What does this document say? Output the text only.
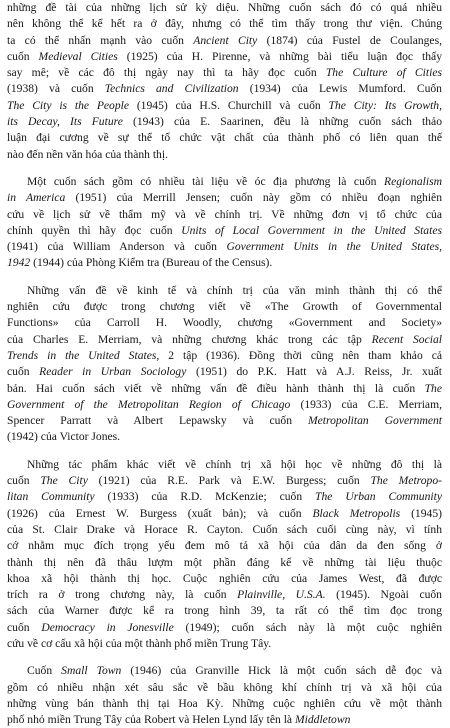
những đề tài của những lịch sử kỳ diệu. Những cuốn sách đó có quá nhiều
nên không thể kể hết ra ở đây, nhưng có thể tìm thấy trong thư viện. Chúng
ta có thể nhấn mạnh vào cuốn Ancient City (1874) của Fustel de Coulanges,
cuốn Medieval Cities (1925) của H. Pirenne, và những bài tiểu luận đọc thấy
say mê; về các đô thị ngày nay thì ta hãy đọc cuốn The Culture of Cities
(1938) và cuốn Technics and Civilization (1934) của Lewis Mumford. Cuốn
The City is the People (1945) của H.S. Churchill và cuốn The City: Its Growth,
its Decay, Its Future (1943) của E. Saarinen, đều là những cuốn sách thảo
luận đại cương về sự thể tổ chức vật chất của thành phố có liên quan thế
nào đến nền văn hóa của thành thị.
Một cuốn sách gồm có nhiều tài liệu về óc địa phương là cuốn Regionalism
in America (1951) của Merrill Jensen; cuốn này gồm có nhiều đoạn nghiên
cứu về lịch sử về thẩm mỹ và về chính trị. Về những đơn vị tổ chức của
chính quyền thì hãy đọc cuốn Units of Local Government in the United States
(1941) của William Anderson và cuốn Government Units in the United States,
1942 (1944) của Phòng Kiểm tra (Bureau of the Census).
Những vấn đề về kinh tế và chính trị của văn minh thành thị có thể
nghiên cứu được trong chương viết về «The Growth of Governmental
Functions» của Carroll H. Woodly, chương «Government and Society»
của Charles E. Merriam, và những chương khác trong các tập Recent Social
Trends in the United States, 2 tập (1936). Đồng thời cũng nên tham khảo cả
cuốn Reader in Urban Sociology (1951) do P.K. Hatt và A.J. Reiss, Jr. xuất
bản. Hai cuốn sách viết về những vấn đề điều hành thành thị là cuốn The
Government of the Metropolitan Region of Chicago (1933) của C.E. Merriam,
Spencer Parratt và Albert Lepawsky và cuốn Metropolitan Government
(1942) của Victor Jones.
Những tác phẩm khác viết về chính trị xã hội học về những đô thị là
cuốn The City (1921) của R.E. Park và E.W. Burgess; cuốn The Metropo-
litan Community (1933) của R.D. McKenzie; cuốn The Urban Community
(1926) của Ernest W. Burgess (xuất bản); và cuốn Black Metropolis (1945)
của St. Clair Drake và Horace R. Cayton. Cuốn sách cuối cùng này, vì tính
cớ nhằm mục đích trọng yếu đem mô tả xã hội của dân da đen sống ở
thành thị nên đã thâu lượm một phần đáng kể về những tài liệu thuộc
khoa xã hội thành thị học. Cuộc nghiên cứu của James West, đã được
trích ra ở trong chương này, là cuốn Plainville, U.S.A. (1945). Ngoài cuốn
sách của Warner được kể ra trong hình 39, ta rất có thể tìm đọc trong
cuốn Democracy in Jonesville (1949); cuốn sách này là một cuộc nghiên
cứu về cơ cấu xã hội của một thành phố miền Trung Tây.
Cuốn Small Town (1946) của Granville Hick là một cuốn sách dễ đọc và
gồm có nhiều nhận xét sâu sắc về bầu không khí chính trị và xã hội của
những vùng bán thành thị tại Hoa Kỳ. Những cuộc nghiên cứu về một thành
phố nhỏ miền Trung Tây của Robert và Helen Lynd lấy tên là Middletown
